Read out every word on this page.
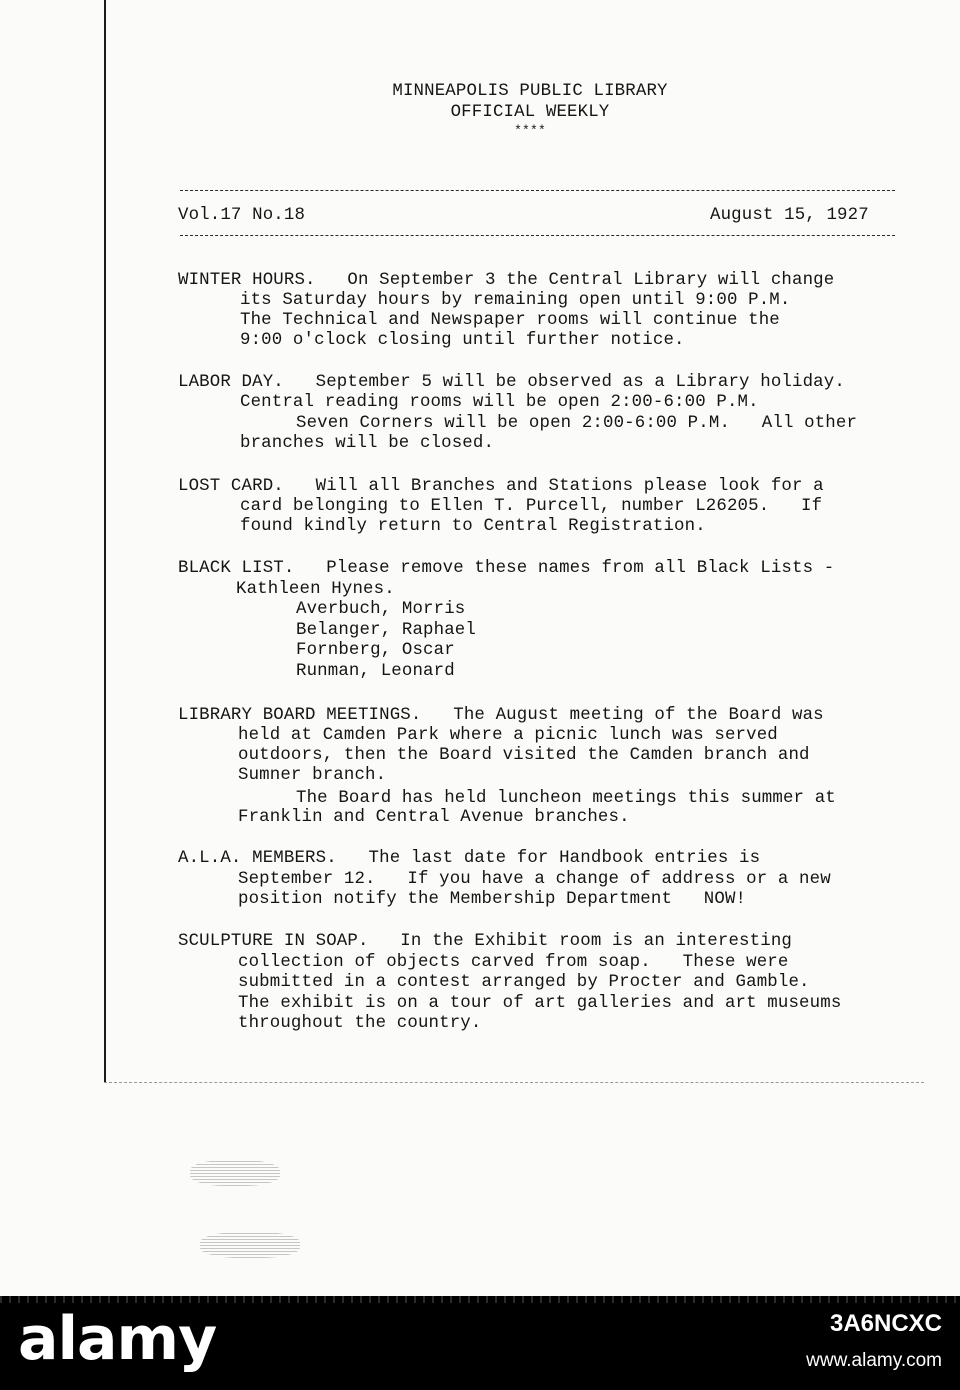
MINNEAPOLIS PUBLIC LIBRARY
OFFICIAL WEEKLY
****
Vol.17 No.18	August 15, 1927
WINTER HOURS.   On September 3 the Central Library will change
its Saturday hours by remaining open until 9:00 P.M.
The Technical and Newspaper rooms will continue the
9:00 o'clock closing until further notice.
LABOR DAY.   September 5 will be observed as a Library holiday.
Central reading rooms will be open 2:00-6:00 P.M.
Seven Corners will be open 2:00-6:00 P.M.   All other
branches will be closed.
LOST CARD.   Will all Branches and Stations please look for a
card belonging to Ellen T. Purcell, number L26205.   If
found kindly return to Central Registration.
BLACK LIST.   Please remove these names from all Black Lists -
Kathleen Hynes.
Averbuch, Morris
Belanger, Raphael
Fornberg, Oscar
Runman, Leonard
LIBRARY BOARD MEETINGS.   The August meeting of the Board was
held at Camden Park where a picnic lunch was served
outdoors, then the Board visited the Camden branch and
Sumner branch.
The Board has held luncheon meetings this summer at
Franklin and Central Avenue branches.
A.L.A. MEMBERS.   The last date for Handbook entries is
September 12.   If you have a change of address or a new
position notify the Membership Department   NOW!
SCULPTURE IN SOAP.   In the Exhibit room is an interesting
collection of objects carved from soap.   These were
submitted in a contest arranged by Procter and Gamble.
The exhibit is on a tour of art galleries and art museums
throughout the country.
alamy	3A6NCXC
www.alamy.com
